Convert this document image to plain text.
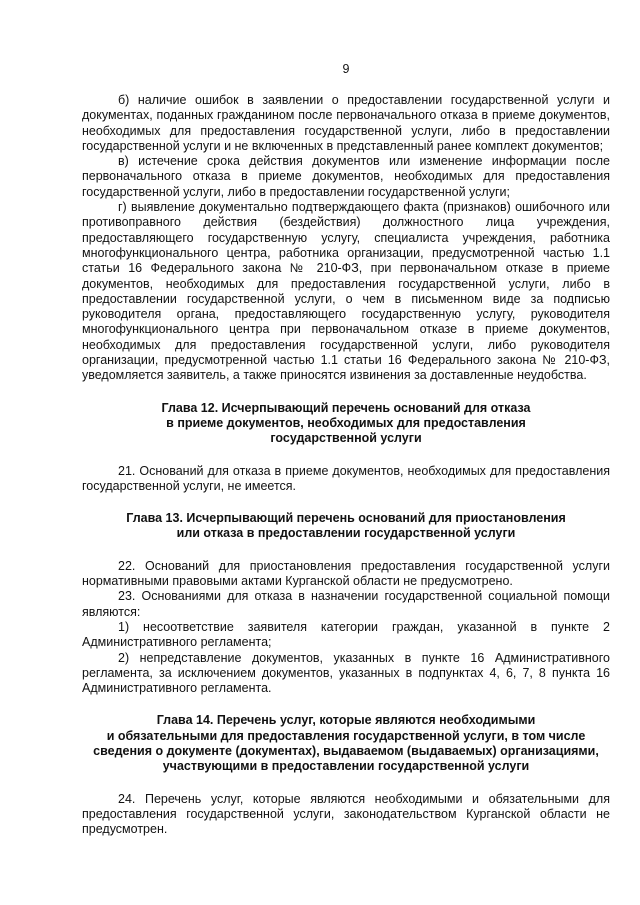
9

б) наличие ошибок в заявлении о предоставлении государственной услуги и документах, поданных гражданином после первоначального отказа в приеме документов, необходимых для предоставления государственной услуги, либо в предоставлении государственной услуги и не включенных в представленный ранее комплект документов;

в) истечение срока действия документов или изменение информации после первоначального отказа в приеме документов, необходимых для предоставления государственной услуги, либо в предоставлении государственной услуги;

г) выявление документально подтверждающего факта (признаков) ошибочного или противоправного действия (бездействия) должностного лица учреждения, предоставляющего государственную услугу, специалиста учреждения, работника многофункционального центра, работника организации, предусмотренной частью 1.1 статьи 16 Федерального закона № 210-ФЗ, при первоначальном отказе в приеме документов, необходимых для предоставления государственной услуги, либо в предоставлении государственной услуги, о чем в письменном виде за подписью руководителя органа, предоставляющего государственную услугу, руководителя многофункционального центра при первоначальном отказе в приеме документов, необходимых для предоставления государственной услуги, либо руководителя организации, предусмотренной частью 1.1 статьи 16 Федерального закона № 210-ФЗ, уведомляется заявитель, а также приносятся извинения за доставленные неудобства.

Глава 12. Исчерпывающий перечень оснований для отказа
в приеме документов, необходимых для предоставления
государственной услуги

21. Оснований для отказа в приеме документов, необходимых для предоставления государственной услуги, не имеется.

Глава 13. Исчерпывающий перечень оснований для приостановления
или отказа в предоставлении государственной услуги

22. Оснований для приостановления предоставления государственной услуги нормативными правовыми актами Курганской области не предусмотрено.

23. Основаниями для отказа в назначении государственной социальной помощи являются:

1) несоответствие заявителя категории граждан, указанной в пункте 2 Административного регламента;

2) непредставление документов, указанных в пункте 16 Административного регламента, за исключением документов, указанных в подпунктах 4, 6, 7, 8 пункта 16 Административного регламента.

Глава 14. Перечень услуг, которые являются необходимыми
и обязательными для предоставления государственной услуги, в том числе
сведения о документе (документах), выдаваемом (выдаваемых) организациями,
участвующими в предоставлении государственной услуги

24. Перечень услуг, которые являются необходимыми и обязательными для предоставления государственной услуги, законодательством Курганской области не предусмотрен.
